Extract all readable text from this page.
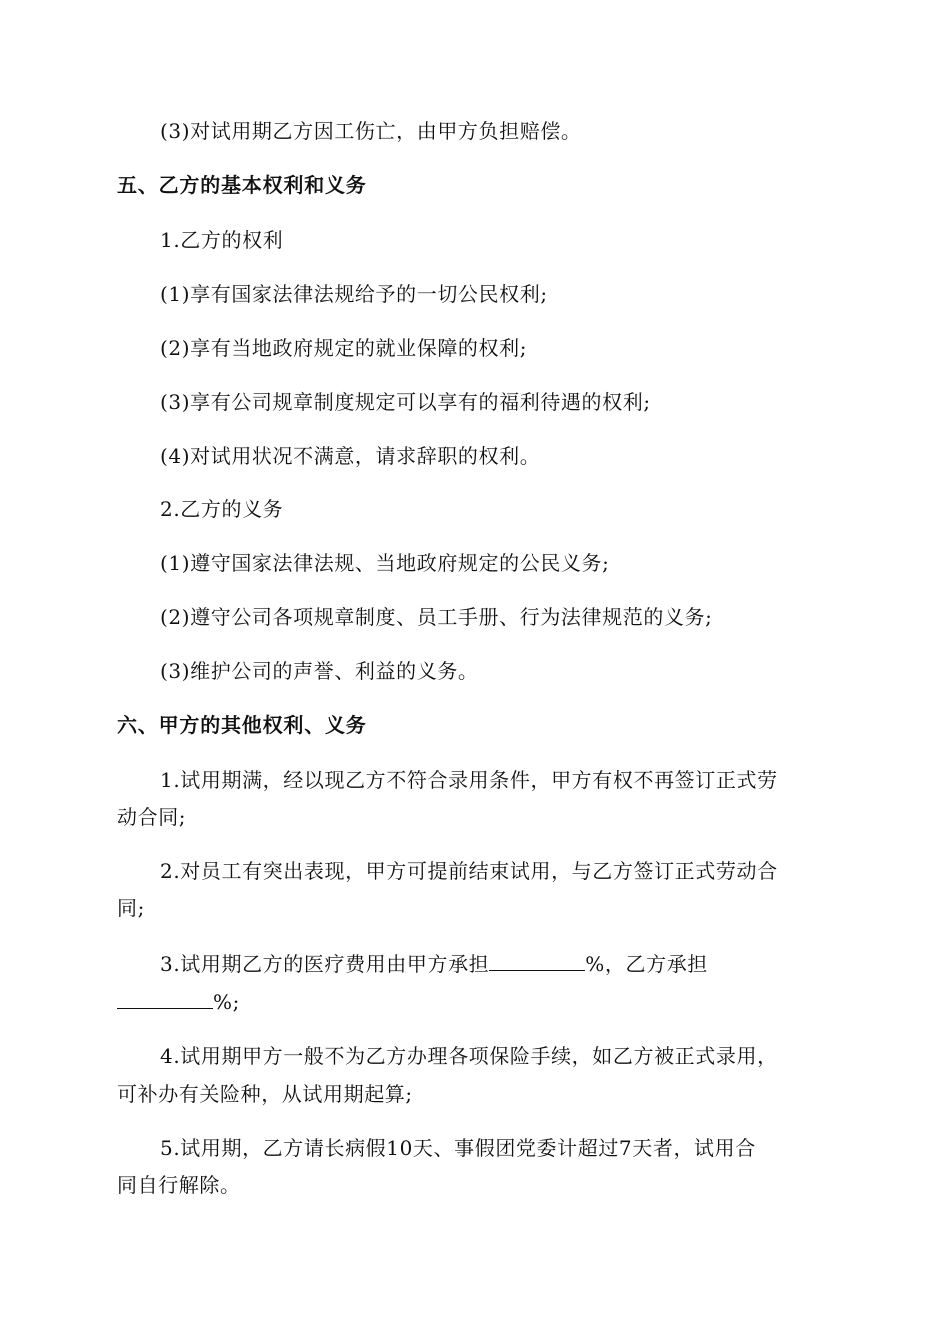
(3)对试用期乙方因工伤亡，由甲方负担赔偿。
五、乙方的基本权利和义务
1.乙方的权利
(1)享有国家法律法规给予的一切公民权利;
(2)享有当地政府规定的就业保障的权利;
(3)享有公司规章制度规定可以享有的福利待遇的权利;
(4)对试用状况不满意，请求辞职的权利。
2.乙方的义务
(1)遵守国家法律法规、当地政府规定的公民义务;
(2)遵守公司各项规章制度、员工手册、行为法律规范的义务;
(3)维护公司的声誉、利益的义务。
六、甲方的其他权利、义务
1.试用期满，经以现乙方不符合录用条件，甲方有权不再签订正式劳
动合同;
2.对员工有突出表现，甲方可提前结束试用，与乙方签订正式劳动合
同;
3.试用期乙方的医疗费用由甲方承担	%，乙方承担
%;
4.试用期甲方一般不为乙方办理各项保险手续，如乙方被正式录用，
可补办有关险种，从试用期起算;
5.试用期，乙方请长病假10天、事假团党委计超过7天者，试用合
同自行解除。
